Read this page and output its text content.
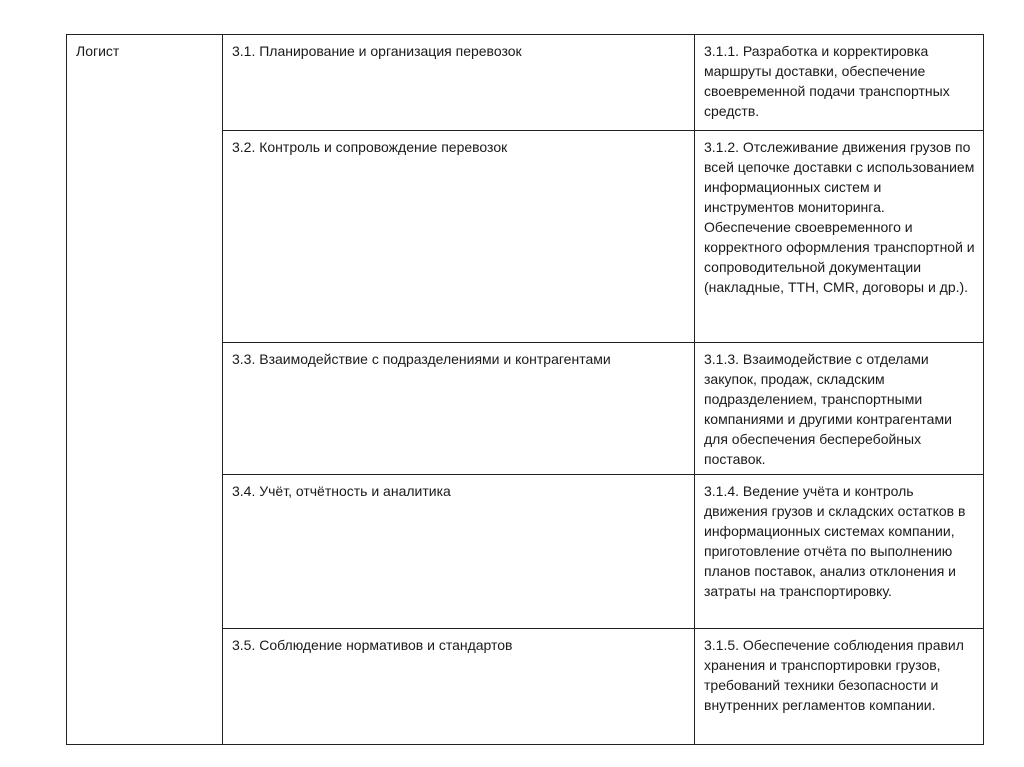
Логист	3.1. Планирование и организация перевозок	3.1.1. Разработка и корректировка маршруты доставки, обеспечение своевременной подачи транспортных средств.
	3.2. Контроль и сопровождение перевозок	3.1.2. Отслеживание движения грузов по всей цепочке доставки с использованием информационных систем и инструментов мониторинга. Обеспечение своевременного и корректного оформления транспортной и сопроводительной документации (накладные, ТТН, CMR, договоры и др.).
	3.3. Взаимодействие с подразделениями и контрагентами	3.1.3. Взаимодействие с отделами закупок, продаж, складским подразделением, транспортными компаниями и другими контрагентами для обеспечения бесперебойных поставок.
	3.4. Учёт, отчётность и аналитика	3.1.4. Ведение учёта и контроль движения грузов и складских остатков в информационных системах компании, приготовление отчёта по выполнению планов поставок, анализ отклонения и затраты на транспортировку.
	3.5. Соблюдение нормативов и стандартов	3.1.5. Обеспечение соблюдения правил хранения и транспортировки грузов, требований техники безопасности и внутренних регламентов компании.
